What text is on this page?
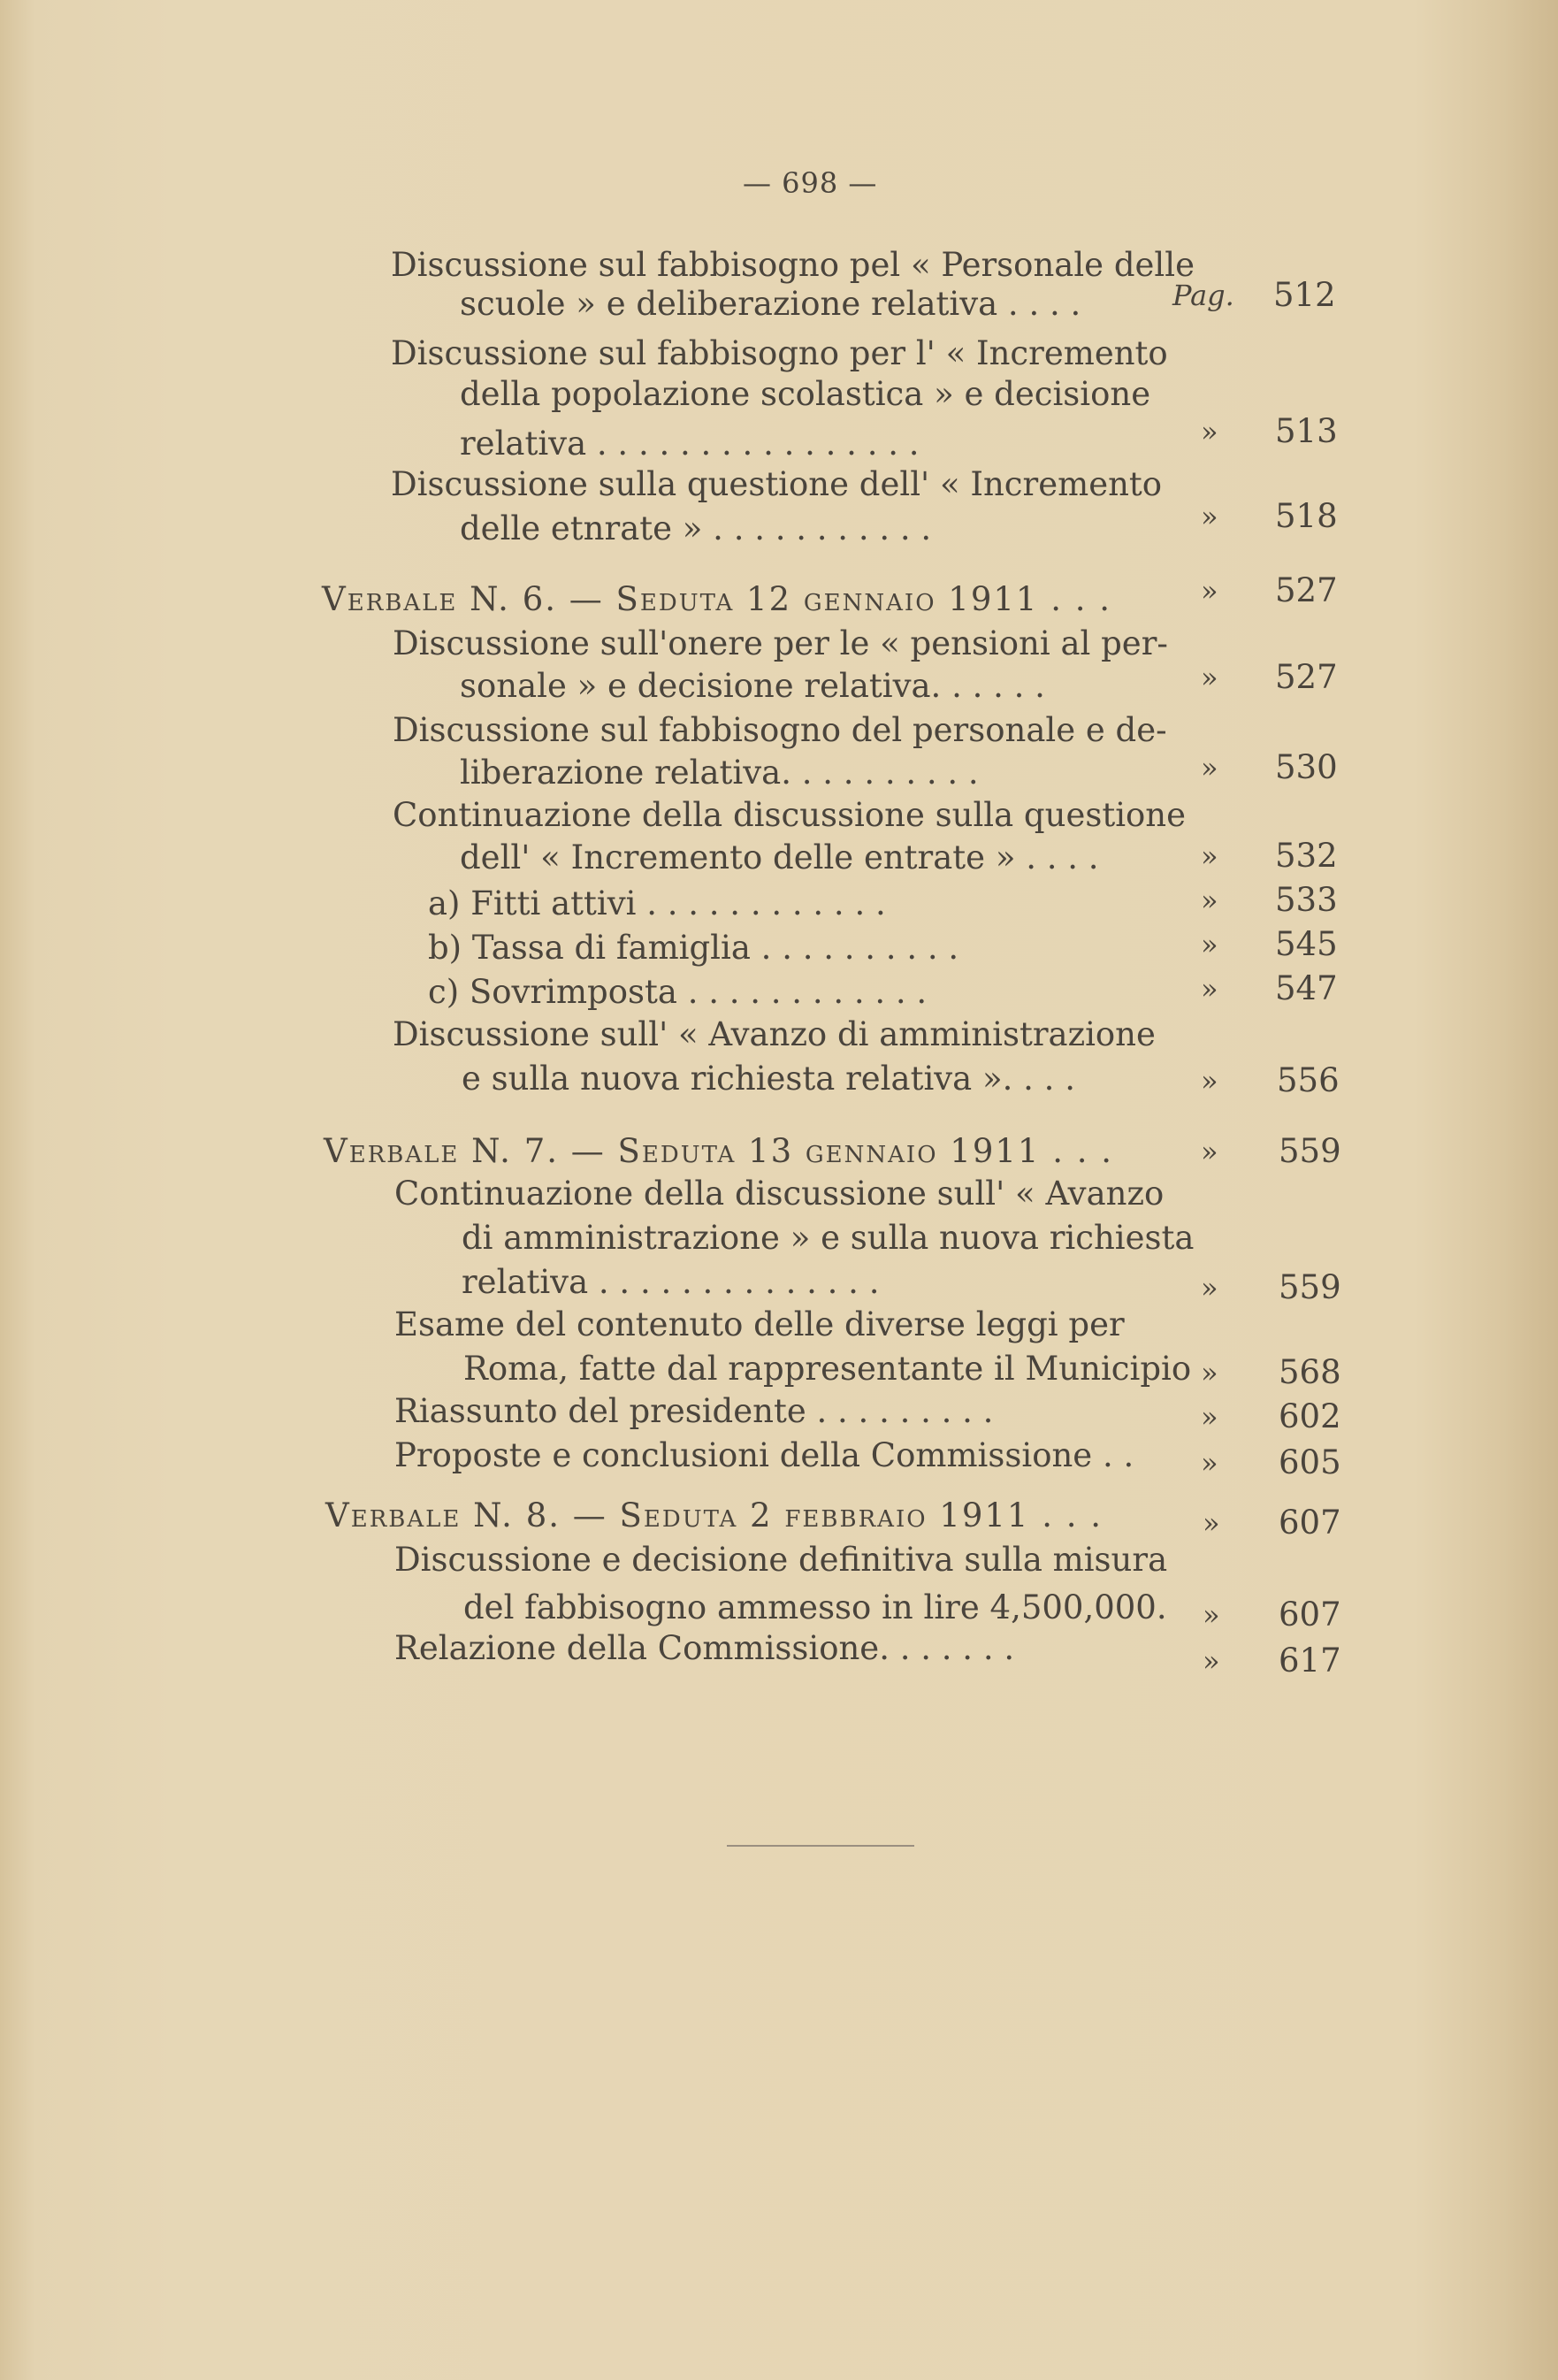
— 698 —
Discussione sul fabbisogno pel « Personale delle
scuole » e deliberazione relativa . . . .	Pag. 512
Discussione sul fabbisogno per l' « Incremento
della popolazione scolastica » e decisione
relativa . . . . . . . . . . . . . . . .	» 513
Discussione sulla questione dell' « Incremento
delle etnrate » . . . . . . . . . . .	» 518
Verbale N. 6. — Seduta 12 gennaio 1911 . . .	» 527
Discussione sull'onere per le « pensioni al per-
sonale » e decisione relativa. . . . . .	» 527
Discussione sul fabbisogno del personale e de-
liberazione relativa. . . . . . . . . .	» 530
Continuazione della discussione sulla questione
dell' « Incremento delle entrate » . . . .	» 532
a) Fitti attivi . . . . . . . . . . . .	» 533
b) Tassa di famiglia . . . . . . . . . .	» 545
c) Sovrimposta . . . . . . . . . . . .	» 547
Discussione sull' « Avanzo di amministrazione
e sulla nuova richiesta relativa ». . . .	» 556
Verbale N. 7. — Seduta 13 gennaio 1911 . . .	» 559
Continuazione della discussione sull' « Avanzo
di amministrazione » e sulla nuova richiesta
relativa . . . . . . . . . . . . . .	» 559
Esame del contenuto delle diverse leggi per
Roma, fatte dal rappresentante il Municipio » 568
Riassunto del presidente . . . . . . . . .	» 602
Proposte e conclusioni della Commissione . . » 605
Verbale N. 8. — Seduta 2 febbraio 1911 . . .	» 607
Discussione e decisione definitiva sulla misura
del fabbisogno ammesso in lire 4,500,000. » 607
Relazione della Commissione. . . . . . .	» 617
